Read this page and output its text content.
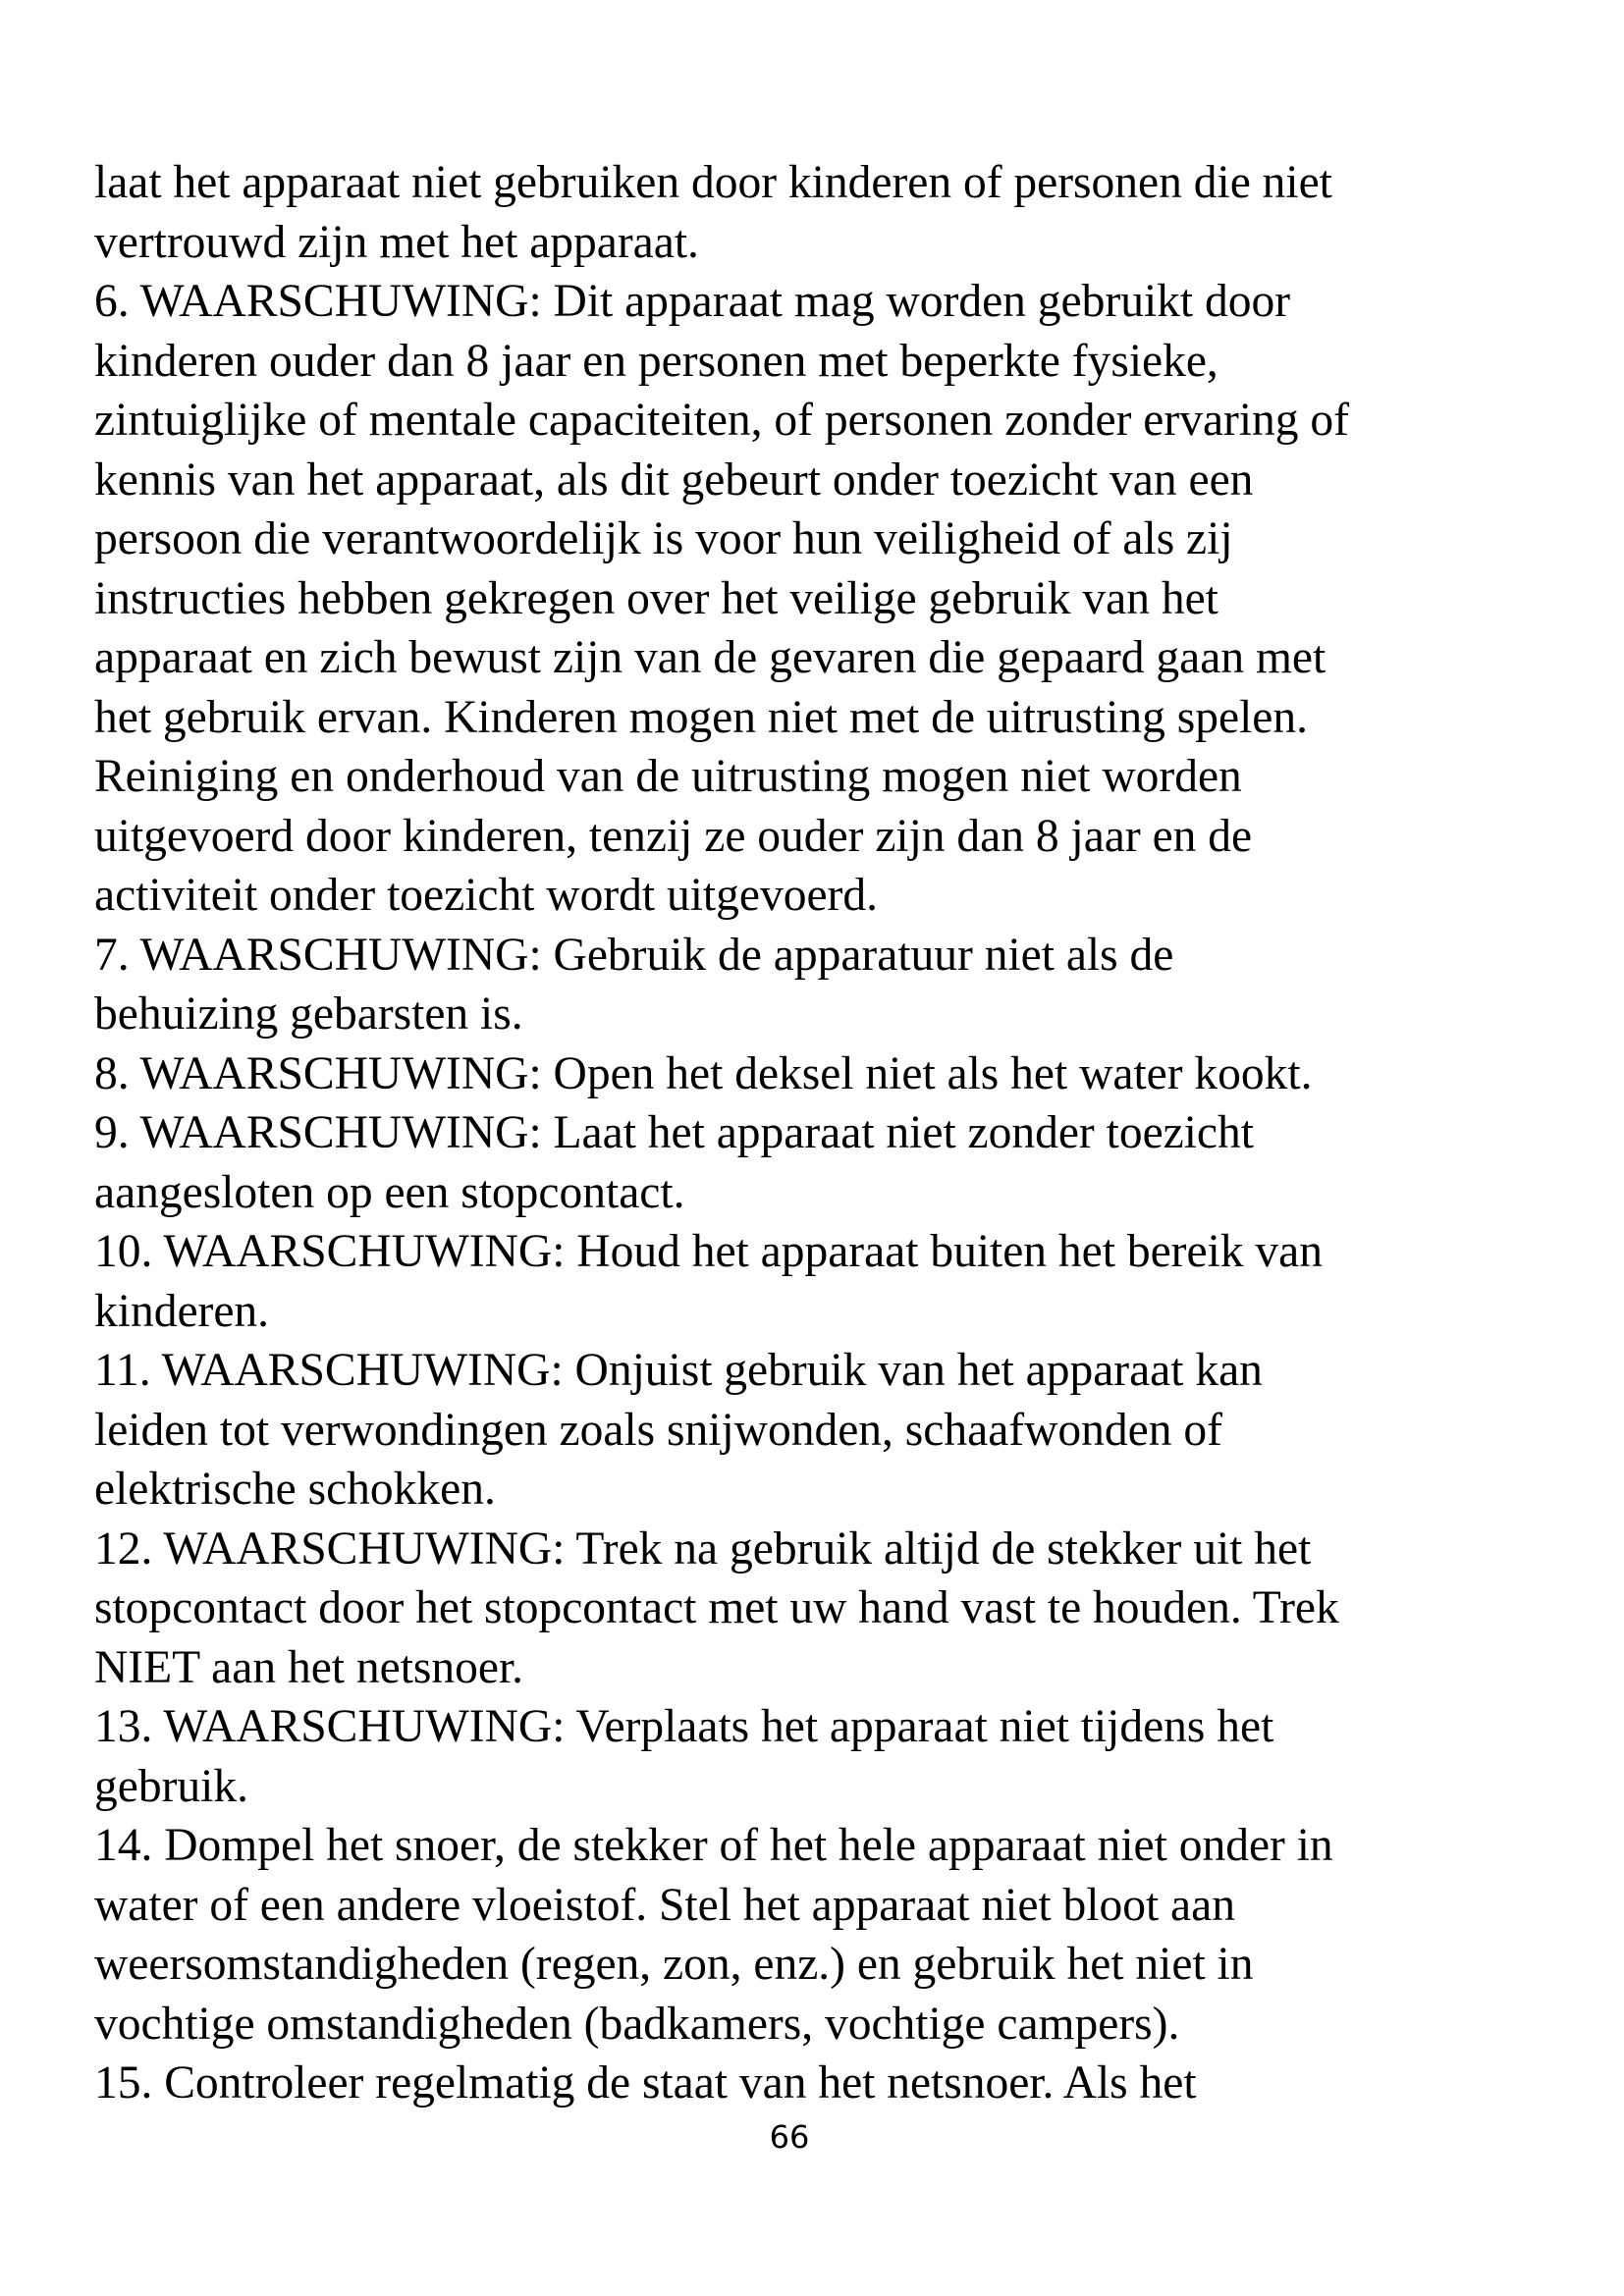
laat het apparaat niet gebruiken door kinderen of personen die niet
vertrouwd zijn met het apparaat.
6. WAARSCHUWING: Dit apparaat mag worden gebruikt door
kinderen ouder dan 8 jaar en personen met beperkte fysieke,
zintuiglijke of mentale capaciteiten, of personen zonder ervaring of
kennis van het apparaat, als dit gebeurt onder toezicht van een
persoon die verantwoordelijk is voor hun veiligheid of als zij
instructies hebben gekregen over het veilige gebruik van het
apparaat en zich bewust zijn van de gevaren die gepaard gaan met
het gebruik ervan. Kinderen mogen niet met de uitrusting spelen.
Reiniging en onderhoud van de uitrusting mogen niet worden
uitgevoerd door kinderen, tenzij ze ouder zijn dan 8 jaar en de
activiteit onder toezicht wordt uitgevoerd.
7. WAARSCHUWING: Gebruik de apparatuur niet als de
behuizing gebarsten is.
8. WAARSCHUWING: Open het deksel niet als het water kookt.
9. WAARSCHUWING: Laat het apparaat niet zonder toezicht
aangesloten op een stopcontact.
10. WAARSCHUWING: Houd het apparaat buiten het bereik van
kinderen.
11. WAARSCHUWING: Onjuist gebruik van het apparaat kan
leiden tot verwondingen zoals snijwonden, schaafwonden of
elektrische schokken.
12. WAARSCHUWING: Trek na gebruik altijd de stekker uit het
stopcontact door het stopcontact met uw hand vast te houden. Trek
NIET aan het netsnoer.
13. WAARSCHUWING: Verplaats het apparaat niet tijdens het
gebruik.
14. Dompel het snoer, de stekker of het hele apparaat niet onder in
water of een andere vloeistof. Stel het apparaat niet bloot aan
weersomstandigheden (regen, zon, enz.) en gebruik het niet in
vochtige omstandigheden (badkamers, vochtige campers).
15. Controleer regelmatig de staat van het netsnoer. Als het
66
